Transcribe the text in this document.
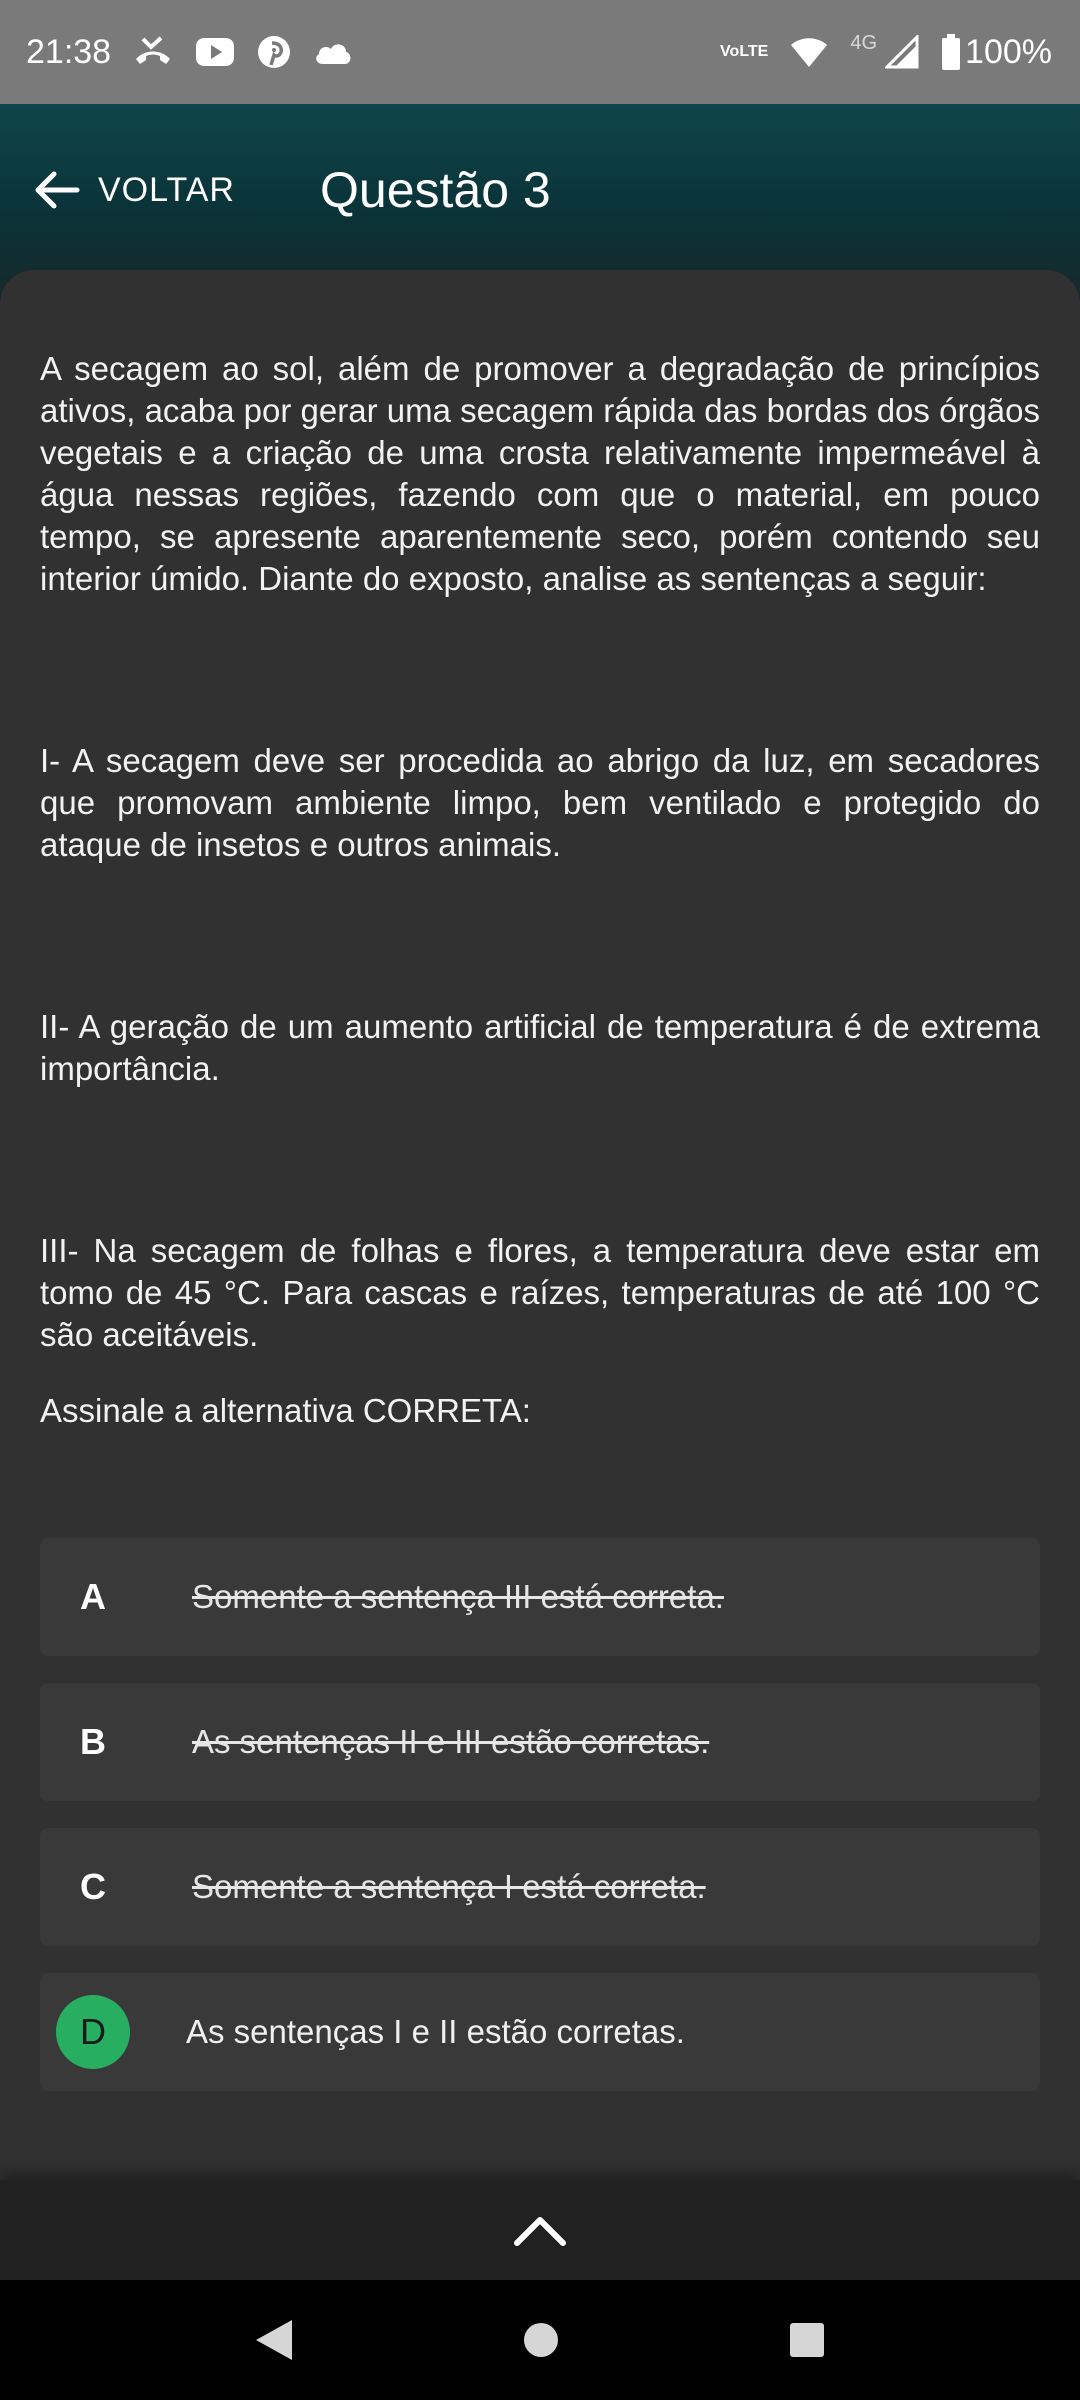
21:38	Vo LTE	4G	100%
VOLTAR Questão 3

A secagem ao sol, além de promover a degradação de princípios ativos, acaba por gerar uma secagem rápida das bordas dos órgãos vegetais e a criação de uma crosta relativamente impermeável à água nessas regiões, fazendo com que o material, em pouco tempo, se apresente aparentemente seco, porém contendo seu interior úmido. Diante do exposto, analise as sentenças a seguir:

I- A secagem deve ser procedida ao abrigo da luz, em secadores que promovam ambiente limpo, bem ventilado e protegido do ataque de insetos e outros animais.

II- A geração de um aumento artificial de temperatura é de extrema importância.

III- Na secagem de folhas e flores, a temperatura deve estar em tomo de 45 °C. Para cascas e raízes, temperaturas de até 100 °C são aceitáveis.

Assinale a alternativa CORRETA:

A	Somente a sentença III está correta.
B	As sentenças II e III estão corretas.
C	Somente a sentença I está correta.
D	As sentenças I e II estão corretas.
